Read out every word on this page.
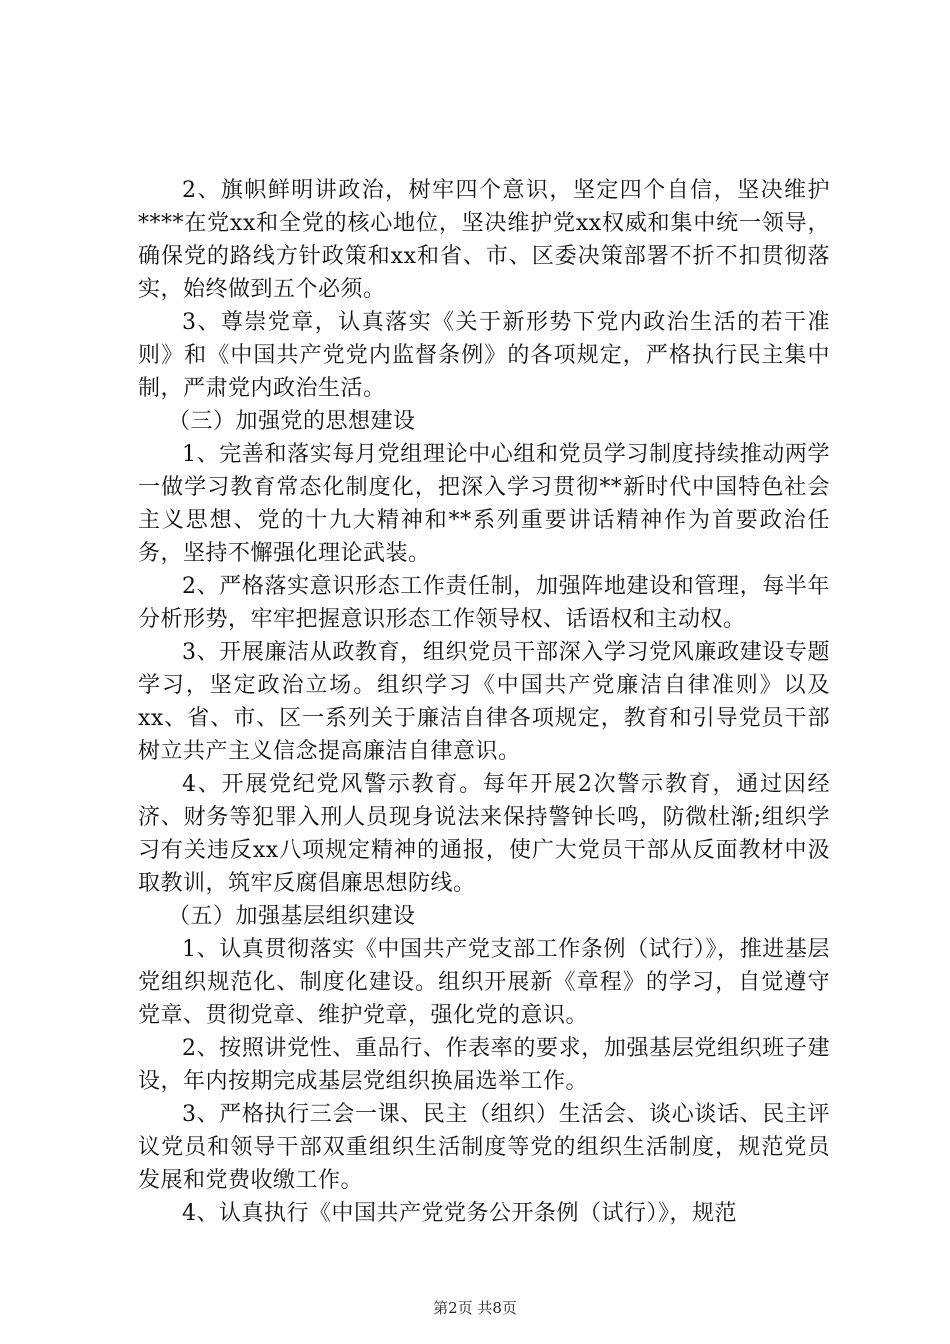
2、旗帜鲜明讲政治，树牢四个意识，坚定四个自信，坚决维护****在党xx和全党的核心地位，坚决维护党xx权威和集中统一领导，确保党的路线方针政策和xx和省、市、区委决策部署不折不扣贯彻落实，始终做到五个必须。

3、尊崇党章，认真落实《关于新形势下党内政治生活的若干准则》和《中国共产党党内监督条例》的各项规定，严格执行民主集中制，严肃党内政治生活。

（三）加强党的思想建设

1、完善和落实每月党组理论中心组和党员学习制度持续推动两学一做学习教育常态化制度化，把深入学习贯彻**新时代中国特色社会主义思想、党的十九大精神和**系列重要讲话精神作为首要政治任务，坚持不懈强化理论武装。

2、严格落实意识形态工作责任制，加强阵地建设和管理，每半年分析形势，牢牢把握意识形态工作领导权、话语权和主动权。

3、开展廉洁从政教育，组织党员干部深入学习党风廉政建设专题学习，坚定政治立场。组织学习《中国共产党廉洁自律准则》以及xx、省、市、区一系列关于廉洁自律各项规定，教育和引导党员干部树立共产主义信念提高廉洁自律意识。

4、开展党纪党风警示教育。每年开展2次警示教育，通过因经济、财务等犯罪入刑人员现身说法来保持警钟长鸣，防微杜渐;组织学习有关违反xx八项规定精神的通报，使广大党员干部从反面教材中汲取教训，筑牢反腐倡廉思想防线。

（五）加强基层组织建设

1、认真贯彻落实《中国共产党支部工作条例（试行）》，推进基层党组织规范化、制度化建设。组织开展新《章程》的学习，自觉遵守党章、贯彻党章、维护党章，强化党的意识。

2、按照讲党性、重品行、作表率的要求，加强基层党组织班子建设，年内按期完成基层党组织换届选举工作。

3、严格执行三会一课、民主（组织）生活会、谈心谈话、民主评议党员和领导干部双重组织生活制度等党的组织生活制度，规范党员发展和党费收缴工作。

4、认真执行《中国共产党党务公开条例（试行）》，规范

第2页 共8页
